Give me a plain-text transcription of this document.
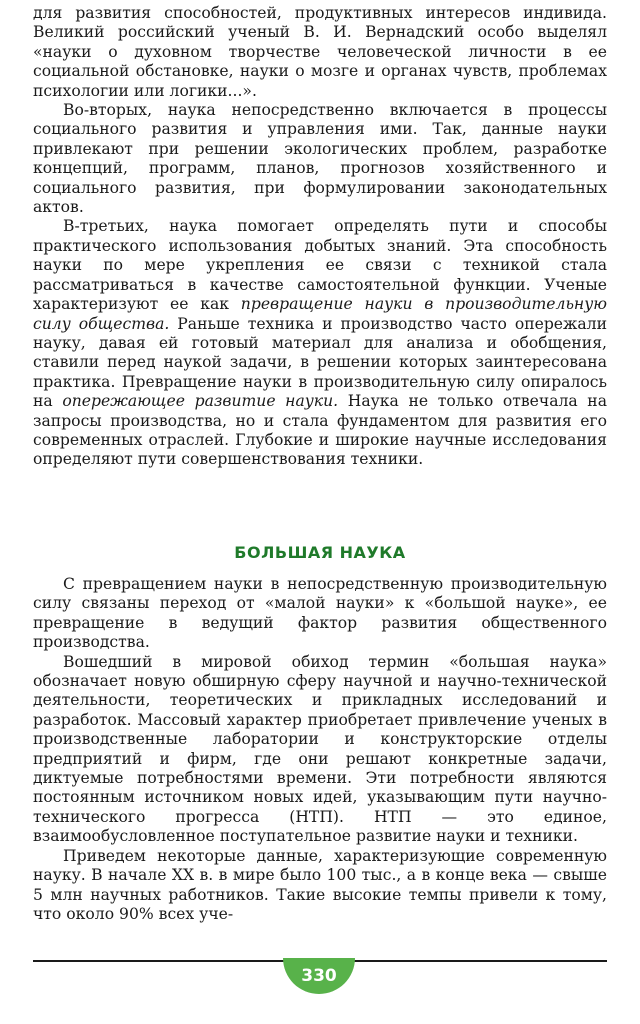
для развития способностей, продуктивных интересов индивида. Великий российский ученый В. И. Вернадский особо выделял «науки о духовном творчестве человеческой личности в ее социальной обстановке, науки о мозге и органах чувств, проблемах психологии или логики...».

Во-вторых, наука непосредственно включается в процессы социального развития и управления ими. Так, данные науки привлекают при решении экологических проблем, разработке концепций, программ, планов, прогнозов хозяйственного и социального развития, при формулировании законодательных актов.

В-третьих, наука помогает определять пути и способы практического использования добытых знаний. Эта способность науки по мере укрепления ее связи с техникой стала рассматриваться в качестве самостоятельной функции. Ученые характеризуют ее как превращение науки в производительную силу общества. Раньше техника и производство часто опережали науку, давая ей готовый материал для анализа и обобщения, ставили перед наукой задачи, в решении которых заинтересована практика. Превращение науки в производительную силу опиралось на опережающее развитие науки. Наука не только отвечала на запросы производства, но и стала фундаментом для развития его современных отраслей. Глубокие и широкие научные исследования определяют пути совершенствования техники.

БОЛЬШАЯ НАУКА

С превращением науки в непосредственную производительную силу связаны переход от «малой науки» к «большой науке», ее превращение в ведущий фактор развития общественного производства.

Вошедший в мировой обиход термин «большая наука» обозначает новую обширную сферу научной и научно-технической деятельности, теоретических и прикладных исследований и разработок. Массовый характер приобретает привлечение ученых в производственные лаборатории и конструкторские отделы предприятий и фирм, где они решают конкретные задачи, диктуемые потребностями времени. Эти потребности являются постоянным источником новых идей, указывающим пути научно-технического прогресса (НТП). НТП — это единое, взаимообусловленное поступательное развитие науки и техники.

Приведем некоторые данные, характеризующие современную науку. В начале XX в. в мире было 100 тыс., а в конце века — свыше 5 млн научных работников. Такие высокие темпы привели к тому, что около 90% всех уче-

330
